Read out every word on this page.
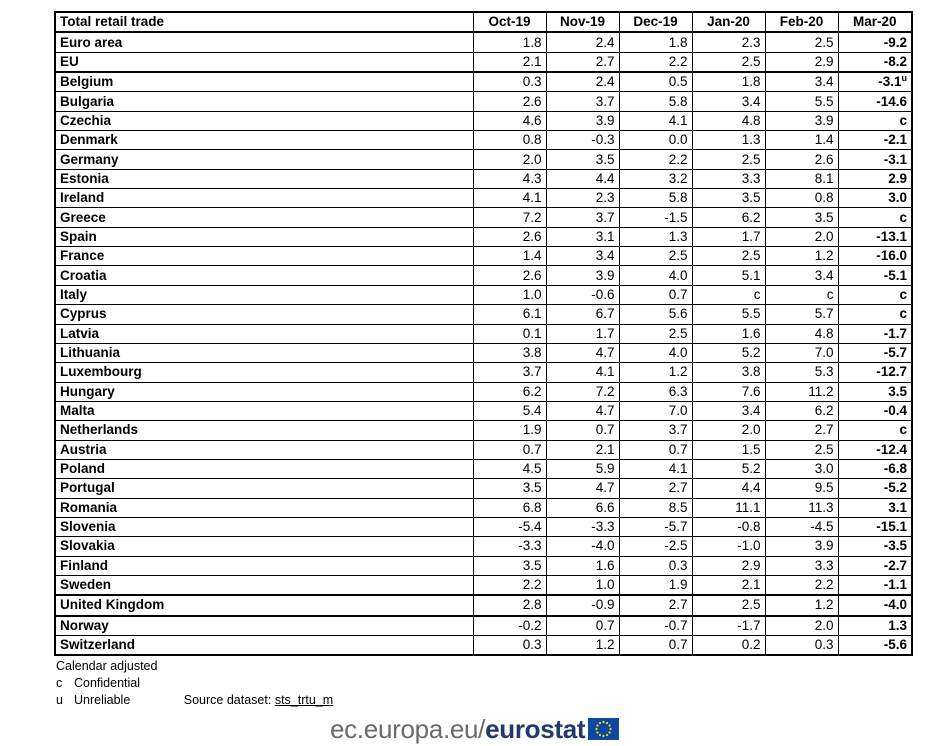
Total retail trade	Oct-19	Nov-19	Dec-19	Jan-20	Feb-20	Mar-20
Euro area	1.8	2.4	1.8	2.3	2.5	-9.2
EU	2.1	2.7	2.2	2.5	2.9	-8.2
Belgium	0.3	2.4	0.5	1.8	3.4	-3.1$^u$
Bulgaria	2.6	3.7	5.8	3.4	5.5	-14.6
Czechia	4.6	3.9	4.1	4.8	3.9	c
Denmark	0.8	-0.3	0.0	1.3	1.4	-2.1
Germany	2.0	3.5	2.2	2.5	2.6	-3.1
Estonia	4.3	4.4	3.2	3.3	8.1	2.9
Ireland	4.1	2.3	5.8	3.5	0.8	3.0
Greece	7.2	3.7	-1.5	6.2	3.5	c
Spain	2.6	3.1	1.3	1.7	2.0	-13.1
France	1.4	3.4	2.5	2.5	1.2	-16.0
Croatia	2.6	3.9	4.0	5.1	3.4	-5.1
Italy	1.0	-0.6	0.7	c	c	c
Cyprus	6.1	6.7	5.6	5.5	5.7	c
Latvia	0.1	1.7	2.5	1.6	4.8	-1.7
Lithuania	3.8	4.7	4.0	5.2	7.0	-5.7
Luxembourg	3.7	4.1	1.2	3.8	5.3	-12.7
Hungary	6.2	7.2	6.3	7.6	11.2	3.5
Malta	5.4	4.7	7.0	3.4	6.2	-0.4
Netherlands	1.9	0.7	3.7	2.0	2.7	c
Austria	0.7	2.1	0.7	1.5	2.5	-12.4
Poland	4.5	5.9	4.1	5.2	3.0	-6.8
Portugal	3.5	4.7	2.7	4.4	9.5	-5.2
Romania	6.8	6.6	8.5	11.1	11.3	3.1
Slovenia	-5.4	-3.3	-5.7	-0.8	-4.5	-15.1
Slovakia	-3.3	-4.0	-2.5	-1.0	3.9	-3.5
Finland	3.5	1.6	0.3	2.9	3.3	-2.7
Sweden	2.2	1.0	1.9	2.1	2.2	-1.1
United Kingdom	2.8	-0.9	2.7	2.5	1.2	-4.0
Norway	-0.2	0.7	-0.7	-1.7	2.0	1.3
Switzerland	0.3	1.2	0.7	0.2	0.3	-5.6
Calendar adjusted
c Confidential
u Unreliable	Source dataset: sts_trtu_m
ec.europa.eu/ eurostat
